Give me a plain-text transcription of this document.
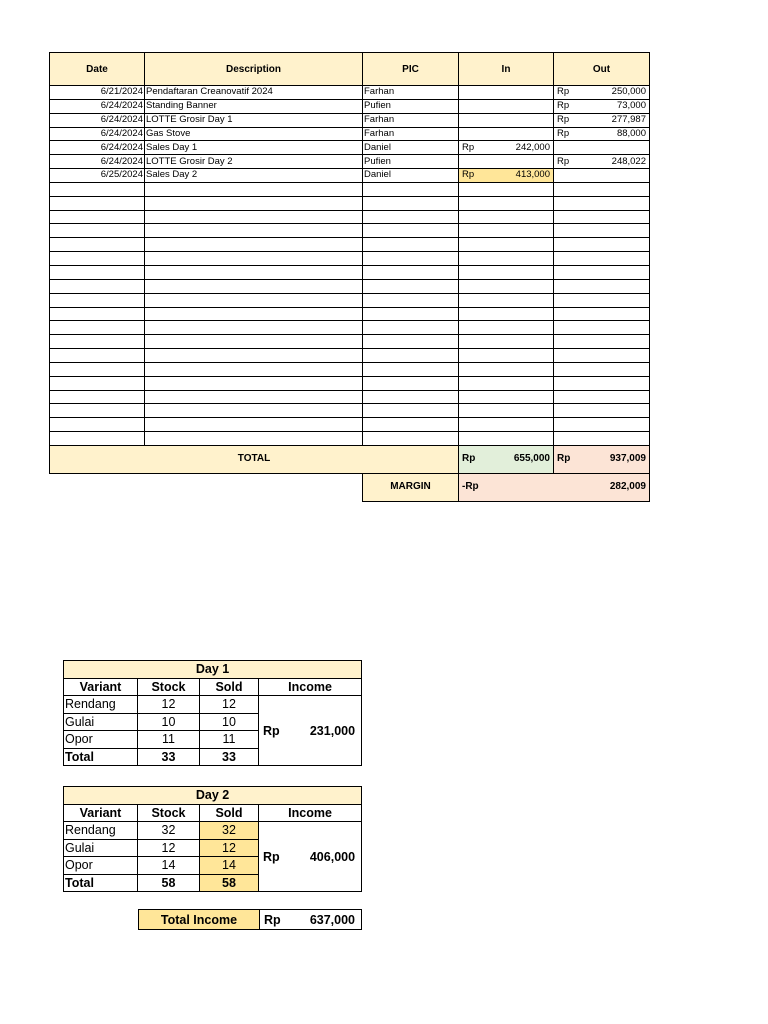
Date	Description	PIC	In	Out
6/21/2024	Pendaftaran Creanovatif 2024	Farhan		Rp 250,000

6/24/2024	Standing Banner	Pufien		Rp 73,000

6/24/2024	LOTTE Grosir Day 1	Farhan		Rp 277,987

6/24/2024	Gas Stove	Farhan		Rp 88,000

6/24/2024	Sales Day 1	Daniel	Rp 242,000	

6/24/2024	LOTTE Grosir Day 2	Pufien		Rp 248,022

6/25/2024	Sales Day 2	Daniel	Rp 413,000	

TOTAL			Rp 655,000	Rp 937,009

		MARGIN	-Rp 282,009	
Day 1			
Variant	Stock	Sold	Income
Rendang	12	12	Rp 231,000

Gulai	10	10	
Opor	11	11	
Total	33	33	
Day 2			
Variant	Stock	Sold	Income
Rendang	32	32	Rp 406,000

Gulai	12	12	
Opor	14	14	
Total	58	58	
Total Income	Rp 637,000
